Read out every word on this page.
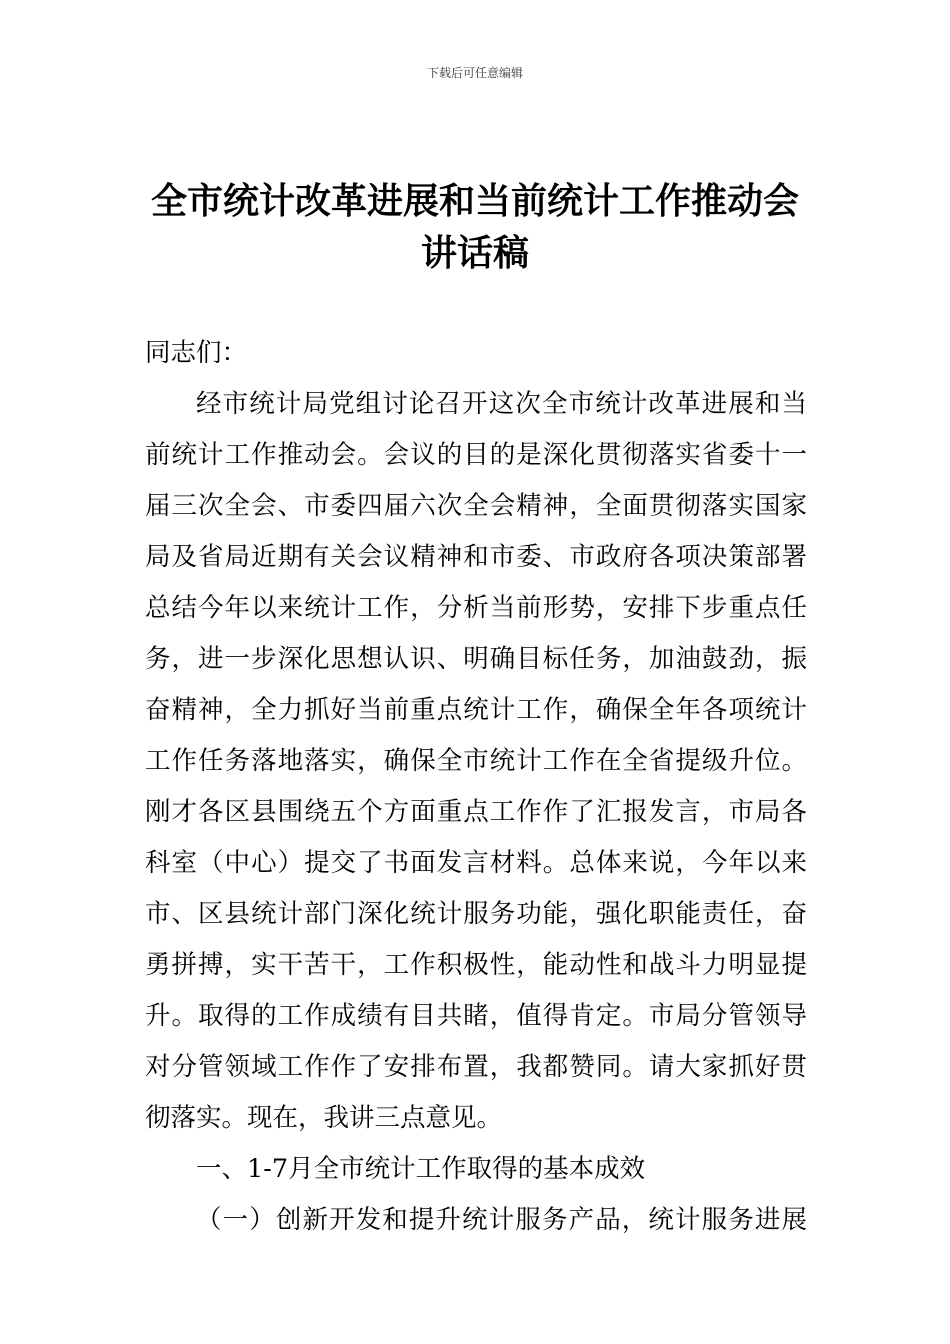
下载后可任意编辑
全市统计改革进展和当前统计工作推动会
讲话稿

同志们：

经市统计局党组讨论召开这次全市统计改革进展和当前统计工作推动会。会议的目的是深化贯彻落实省委十一届三次全会、市委四届六次全会精神，全面贯彻落实国家局及省局近期有关会议精神和市委、市政府各项决策部署总结今年以来统计工作，分析当前形势，安排下步重点任务，进一步深化思想认识、明确目标任务，加油鼓劲，振奋精神，全力抓好当前重点统计工作，确保全年各项统计工作任务落地落实，确保全市统计工作在全省提级升位。刚才各区县围绕五个方面重点工作作了汇报发言，市局各科室（中心）提交了书面发言材料。总体来说，今年以来市、区县统计部门深化统计服务功能，强化职能责任，奋勇拼搏，实干苦干，工作积极性，能动性和战斗力明显提升。取得的工作成绩有目共睹，值得肯定。市局分管领导对分管领域工作作了安排布置，我都赞同。请大家抓好贯彻落实。现在，我讲三点意见。

一、1-7月全市统计工作取得的基本成效

（一）创新开发和提升统计服务产品，统计服务进展
